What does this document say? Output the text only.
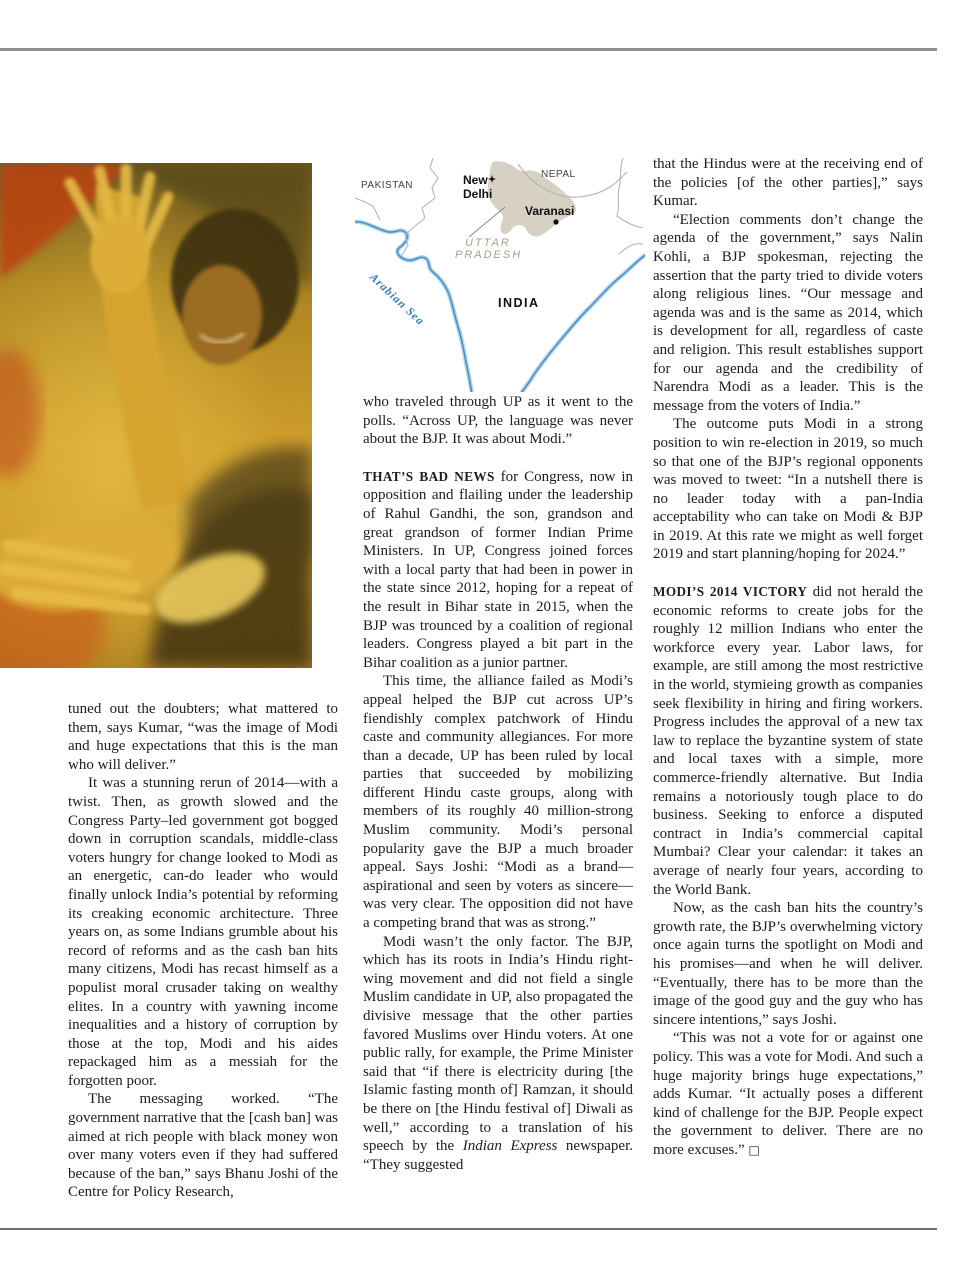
PAKISTAN
NEPAL
New
Delhi
Varanasi
UTTAR
PRADESH
INDIA
Arabian Sea

tuned out the doubters; what mattered to them, says Kumar, “was the image of Modi and huge expectations that this is the man who will deliver.”

It was a stunning rerun of 2014—with a twist. Then, as growth slowed and the Congress Party–led government got bogged down in corruption scandals, middle-class voters hungry for change looked to Modi as an energetic, can-do leader who would finally unlock India’s potential by reforming its creaking economic architecture. Three years on, as some Indians grumble about his record of reforms and as the cash ban hits many citizens, Modi has recast himself as a populist moral crusader taking on wealthy elites. In a country with yawning income inequalities and a history of corruption by those at the top, Modi and his aides repackaged him as a messiah for the forgotten poor.

The messaging worked. “The government narrative that the [cash ban] was aimed at rich people with black money won over many voters even if they had suffered because of the ban,” says Bhanu Joshi of the Centre for Policy Research,

who traveled through UP as it went to the polls. “Across UP, the language was never about the BJP. It was about Modi.”

THAT’S BAD NEWS for Congress, now in opposition and flailing under the leadership of Rahul Gandhi, the son, grandson and great grandson of former Indian Prime Ministers. In UP, Congress joined forces with a local party that had been in power in the state since 2012, hoping for a repeat of the result in Bihar state in 2015, when the BJP was trounced by a coalition of regional leaders. Congress played a bit part in the Bihar coalition as a junior partner.

This time, the alliance failed as Modi’s appeal helped the BJP cut across UP’s fiendishly complex patchwork of Hindu caste and community allegiances. For more than a decade, UP has been ruled by local parties that succeeded by mobilizing different Hindu caste groups, along with members of its roughly 40 million-strong Muslim community. Modi’s personal popularity gave the BJP a much broader appeal. Says Joshi: “Modi as a brand—aspirational and seen by voters as sincere—was very clear. The opposition did not have a competing brand that was as strong.”

Modi wasn’t the only factor. The BJP, which has its roots in India’s Hindu right-wing movement and did not field a single Muslim candidate in UP, also propagated the divisive message that the other parties favored Muslims over Hindu voters. At one public rally, for example, the Prime Minister said that “if there is electricity during [the Islamic fasting month of] Ramzan, it should be there on [the Hindu festival of] Diwali as well,” according to a translation of his speech by the Indian Express newspaper. “They suggested

that the Hindus were at the receiving end of the policies [of the other parties],” says Kumar.

“Election comments don’t change the agenda of the government,” says Nalin Kohli, a BJP spokesman, rejecting the assertion that the party tried to divide voters along religious lines. “Our message and agenda was and is the same as 2014, which is development for all, regardless of caste and religion. This result establishes support for our agenda and the credibility of Narendra Modi as a leader. This is the message from the voters of India.”

The outcome puts Modi in a strong position to win re-election in 2019, so much so that one of the BJP’s regional opponents was moved to tweet: “In a nutshell there is no leader today with a pan-India acceptability who can take on Modi & BJP in 2019. At this rate we might as well forget 2019 and start planning/hoping for 2024.”

MODI’S 2014 VICTORY did not herald the economic reforms to create jobs for the roughly 12 million Indians who enter the workforce every year. Labor laws, for example, are still among the most restrictive in the world, stymieing growth as companies seek flexibility in hiring and firing workers. Progress includes the approval of a new tax law to replace the byzantine system of state and local taxes with a simple, more commerce-friendly alternative. But India remains a notoriously tough place to do business. Seeking to enforce a disputed contract in India’s commercial capital Mumbai? Clear your calendar: it takes an average of nearly four years, according to the World Bank.

Now, as the cash ban hits the country’s growth rate, the BJP’s overwhelming victory once again turns the spotlight on Modi and his promises—and when he will deliver. “Eventually, there has to be more than the image of the good guy and the guy who has sincere intentions,” says Joshi.

“This was not a vote for or against one policy. This was a vote for Modi. And such a huge majority brings huge expectations,” adds Kumar. “It actually poses a different kind of challenge for the BJP. People expect the government to deliver. There are no more excuses.” □
